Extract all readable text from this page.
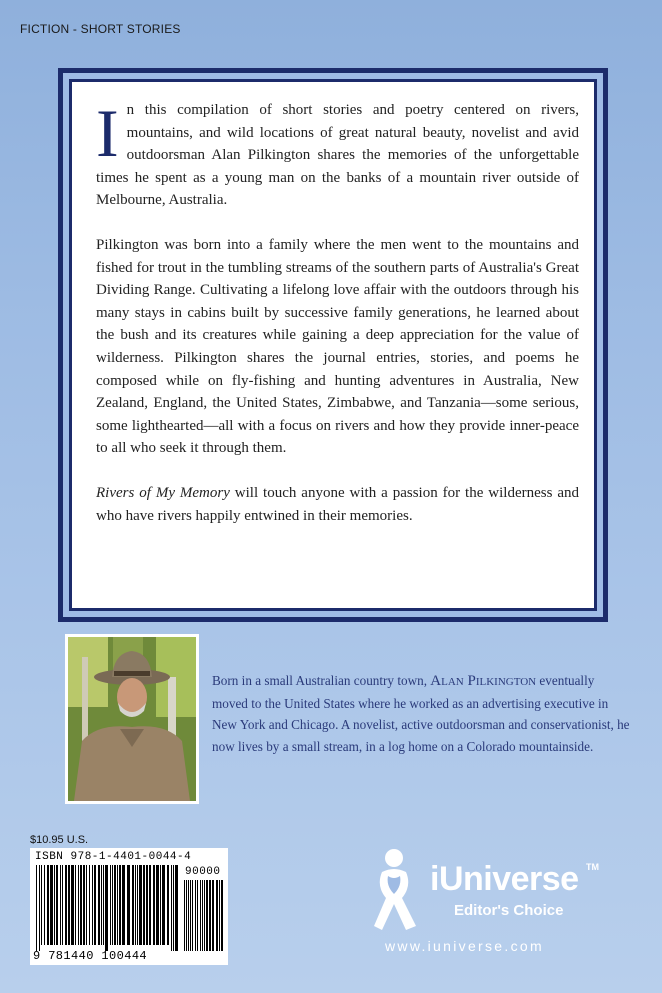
FICTION - SHORT STORIES

In this compilation of short stories and poetry centered on rivers, mountains, and wild locations of great natural beauty, novelist and avid outdoorsman Alan Pilkington shares the memories of the unforgettable times he spent as a young man on the banks of a mountain river outside of Melbourne, Australia.

Pilkington was born into a family where the men went to the mountains and fished for trout in the tumbling streams of the southern parts of Australia's Great Dividing Range. Cultivating a lifelong love affair with the outdoors through his many stays in cabins built by successive family generations, he learned about the bush and its creatures while gaining a deep appreciation for the value of wilderness. Pilkington shares the journal entries, stories, and poems he composed while on fly-fishing and hunting adventures in Australia, New Zealand, England, the United States, Zimbabwe, and Tanzania—some serious, some lighthearted—all with a focus on rivers and how they provide inner-peace to all who seek it through them.

Rivers of My Memory will touch anyone with a passion for the wilderness and who have rivers happily entwined in their memories.

Born in a small Australian country town, Alan Pilkington eventually moved to the United States where he worked as an advertising executive in New York and Chicago. A novelist, active outdoorsman and conservationist, he now lives by a small stream, in a log home on a Colorado mountainside.
$10.95 U.S.
ISBN 978-1-4401-0044-4
90000
9 781440 100444
iUniverse TM
Editor's Choice
www.iuniverse.com
